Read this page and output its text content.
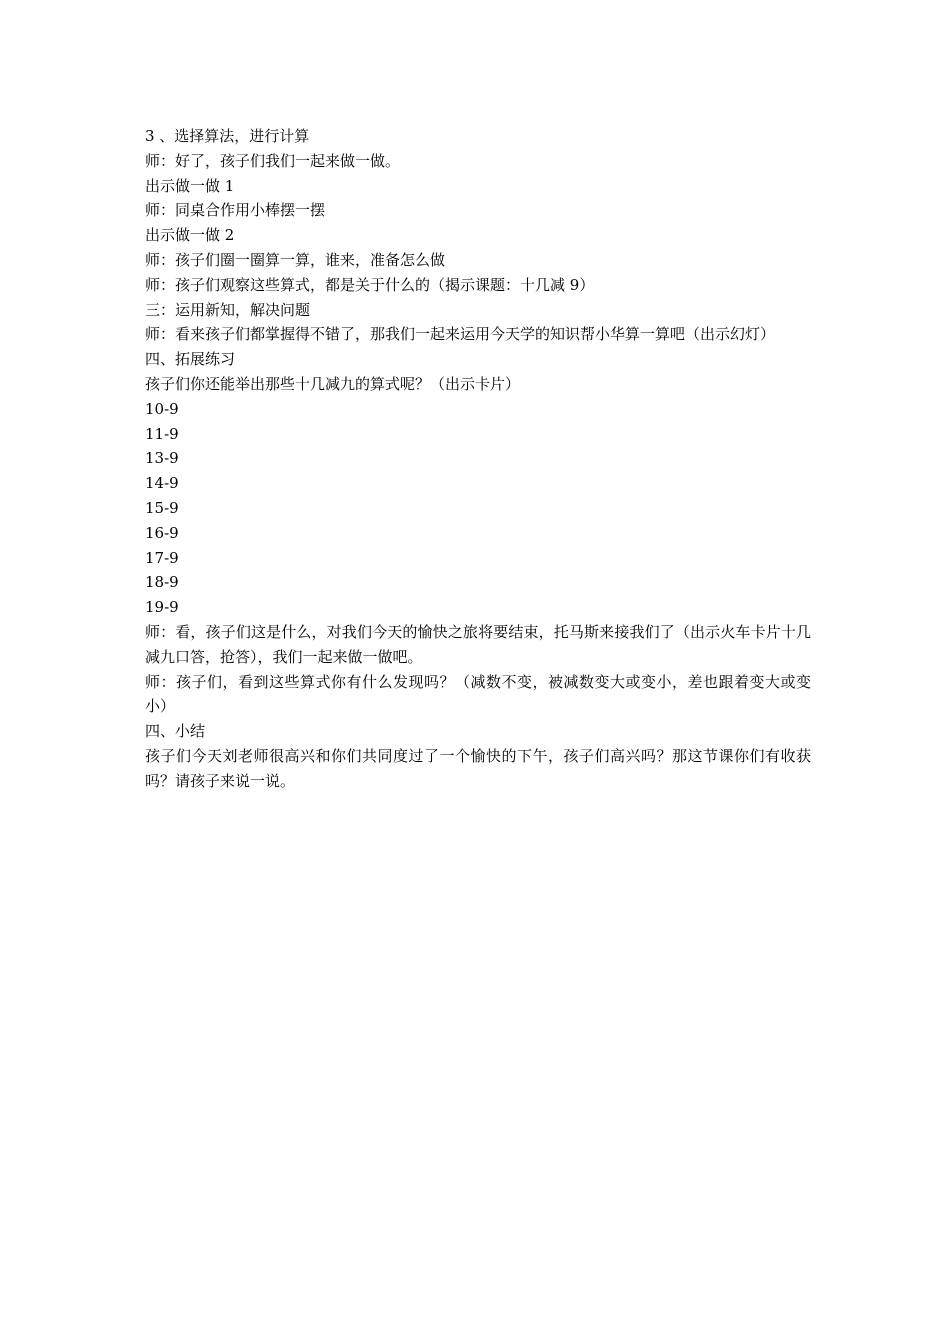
3 、选择算法，进行计算

师：好了，孩子们我们一起来做一做。

出示做一做 1

师：同桌合作用小棒摆一摆

出示做一做 2

师：孩子们圈一圈算一算，谁来，准备怎么做

师：孩子们观察这些算式，都是关于什么的（揭示课题：十几减 9）

三：运用新知，解决问题

师：看来孩子们都掌握得不错了，那我们一起来运用今天学的知识帮小华算一算吧（出示幻灯）

四、拓展练习

孩子们你还能举出那些十几减九的算式呢？（出示卡片）

10-9

11-9

13-9

14-9

15-9

16-9

17-9

18-9

19-9

师：看，孩子们这是什么，对我们今天的愉快之旅将要结束，托马斯来接我们了（出示火车卡片十几减九口答，抢答），我们一起来做一做吧。

师：孩子们，看到这些算式你有什么发现吗？（减数不变，被减数变大或变小，差也跟着变大或变小）

四、小结

孩子们今天刘老师很高兴和你们共同度过了一个愉快的下午，孩子们高兴吗？那这节课你们有收获吗？请孩子来说一说。
